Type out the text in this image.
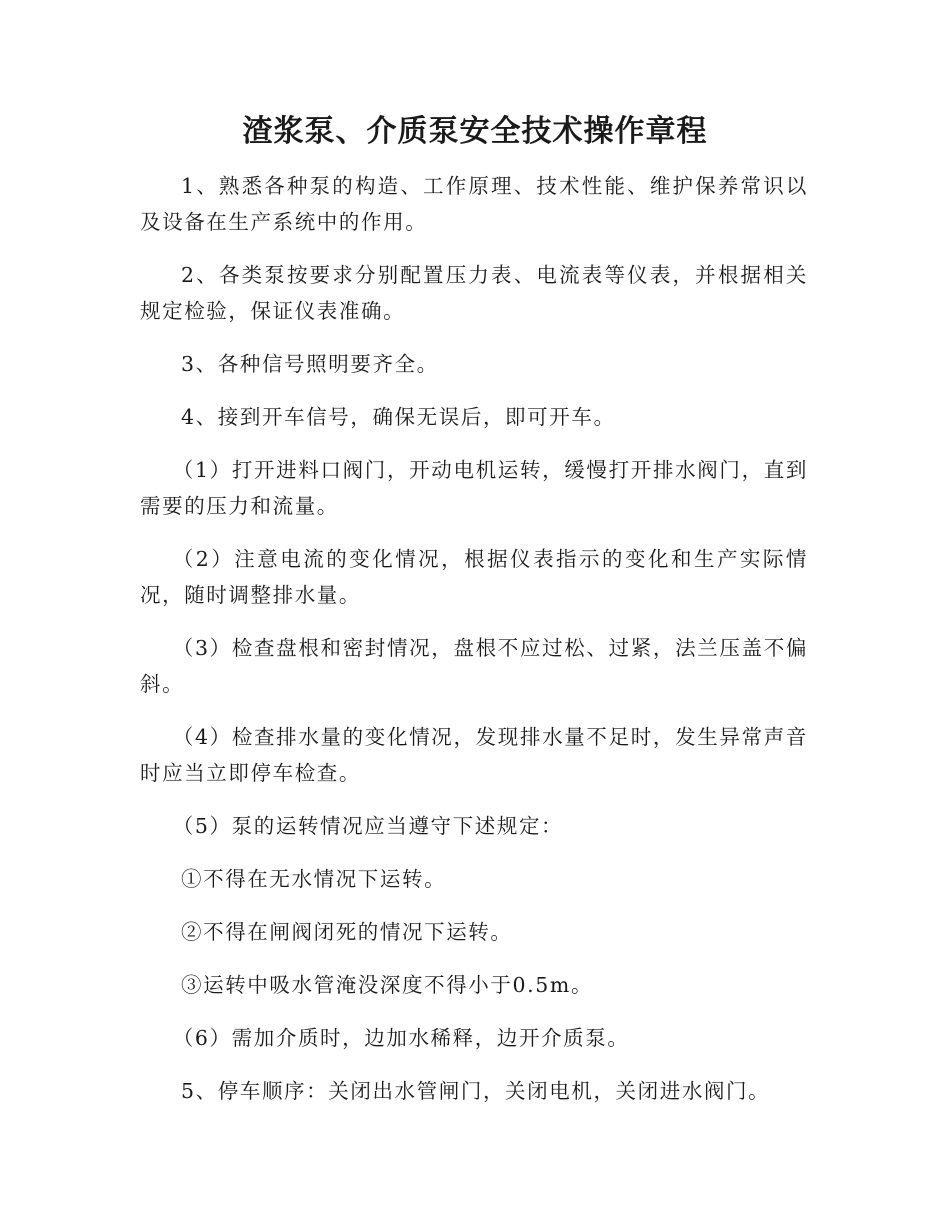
渣浆泵、介质泵安全技术操作章程

1、熟悉各种泵的构造、工作原理、技术性能、维护保养常识以及设备在生产系统中的作用。

2、各类泵按要求分别配置压力表、电流表等仪表，并根据相关规定检验，保证仪表准确。

3、各种信号照明要齐全。

4、接到开车信号，确保无误后，即可开车。

（1）打开进料口阀门，开动电机运转，缓慢打开排水阀门，直到需要的压力和流量。

（2）注意电流的变化情况，根据仪表指示的变化和生产实际情况，随时调整排水量。

（3）检查盘根和密封情况，盘根不应过松、过紧，法兰压盖不偏斜。

（4）检查排水量的变化情况，发现排水量不足时，发生异常声音时应当立即停车检查。

（5）泵的运转情况应当遵守下述规定：

①不得在无水情况下运转。

②不得在闸阀闭死的情况下运转。

③运转中吸水管淹没深度不得小于0.5m。

（6）需加介质时，边加水稀释，边开介质泵。

5、停车顺序：关闭出水管闸门，关闭电机，关闭进水阀门。
